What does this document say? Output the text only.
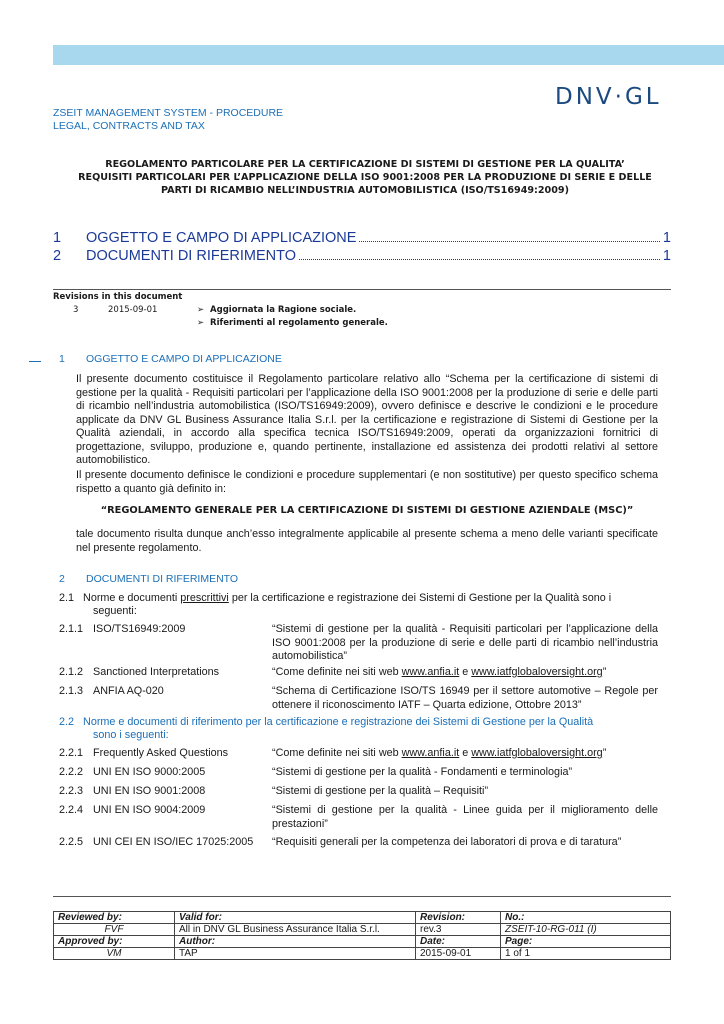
DNV·GL
ZSEIT MANAGEMENT SYSTEM - PROCEDURE
LEGAL, CONTRACTS AND TAX
REGOLAMENTO PARTICOLARE PER LA CERTIFICAZIONE DI SISTEMI DI GESTIONE PER LA QUALITA’
REQUISITI PARTICOLARI PER L’APPLICAZIONE DELLA ISO 9001:2008 PER LA PRODUZIONE DI SERIE E DELLE
PARTI DI RICAMBIO NELL’INDUSTRIA AUTOMOBILISTICA (ISO/TS16949:2009)
1	OGGETTO E CAMPO DI APPLICAZIONE	1
2	DOCUMENTI DI RIFERIMENTO	1
Revisions in this document
3	2015-09-01	➢  Aggiornata la Ragione sociale.
➢  Riferimenti al regolamento generale.
1 OGGETTO E CAMPO DI APPLICAZIONE
Il presente documento costituisce il Regolamento particolare relativo allo “Schema per la certificazione di sistemi di gestione per la qualità - Requisiti particolari per l’applicazione della ISO 9001:2008 per la produzione di serie e delle parti di ricambio nell’industria automobilistica (ISO/TS16949:2009), ovvero definisce e descrive le condizioni e le procedure applicate da DNV GL Business Assurance Italia S.r.l. per la certificazione e registrazione di Sistemi di Gestione per la Qualità aziendali, in accordo alla specifica tecnica ISO/TS16949:2009, operati da organizzazioni fornitrici di progettazione, sviluppo, produzione e, quando pertinente, installazione ed assistenza dei prodotti relativi al settore automobilistico.
Il presente documento definisce le condizioni e procedure supplementari (e non sostitutive) per questo specifico schema rispetto a quanto già definito in:
“REGOLAMENTO GENERALE PER LA CERTIFICAZIONE DI SISTEMI DI GESTIONE AZIENDALE (MSC)”
tale documento risulta dunque anch’esso integralmente applicabile al presente schema a meno delle varianti specificate nel presente regolamento.
2 DOCUMENTI DI RIFERIMENTO
2.1 Norme e documenti prescrittivi per la certificazione e registrazione dei Sistemi di Gestione per la Qualità sono i
seguenti:
2.1.1 ISO/TS16949:2009	“Sistemi di gestione per la qualità - Requisiti particolari per l’applicazione della ISO 9001:2008 per la produzione di serie e delle parti di ricambio nell’industria automobilistica”
2.1.2 Sanctioned Interpretations	“Come definite nei siti web www.anfia.it e www.iatfglobaloversight.org”
2.1.3 ANFIA AQ-020	“Schema di Certificazione ISO/TS 16949 per il settore automotive – Regole per ottenere il riconoscimento IATF – Quarta edizione, Ottobre 2013”
2.2 Norme e documenti di riferimento per la certificazione e registrazione dei Sistemi di Gestione per la Qualità
sono i seguenti:
2.2.1 Frequently Asked Questions	“Come definite nei siti web www.anfia.it e www.iatfglobaloversight.org”
2.2.2 UNI EN ISO 9000:2005	“Sistemi di gestione per la qualità - Fondamenti e terminologia”
2.2.3 UNI EN ISO 9001:2008	“Sistemi di gestione per la qualità – Requisiti”
2.2.4 UNI EN ISO 9004:2009	“Sistemi di gestione per la qualità - Linee guida per il miglioramento delle prestazioni”
2.2.5 UNI CEI EN ISO/IEC 17025:2005 “Requisiti generali per la competenza dei laboratori di prova e di taratura”
Reviewed by:	Valid for:	Revision:	No.:
FVF	All in DNV GL Business Assurance Italia S.r.l.	rev.3	ZSEIT-10-RG-011 (I)
Approved by:	Author:	Date:	Page:
VM	TAP	2015-09-01	1 of 1
